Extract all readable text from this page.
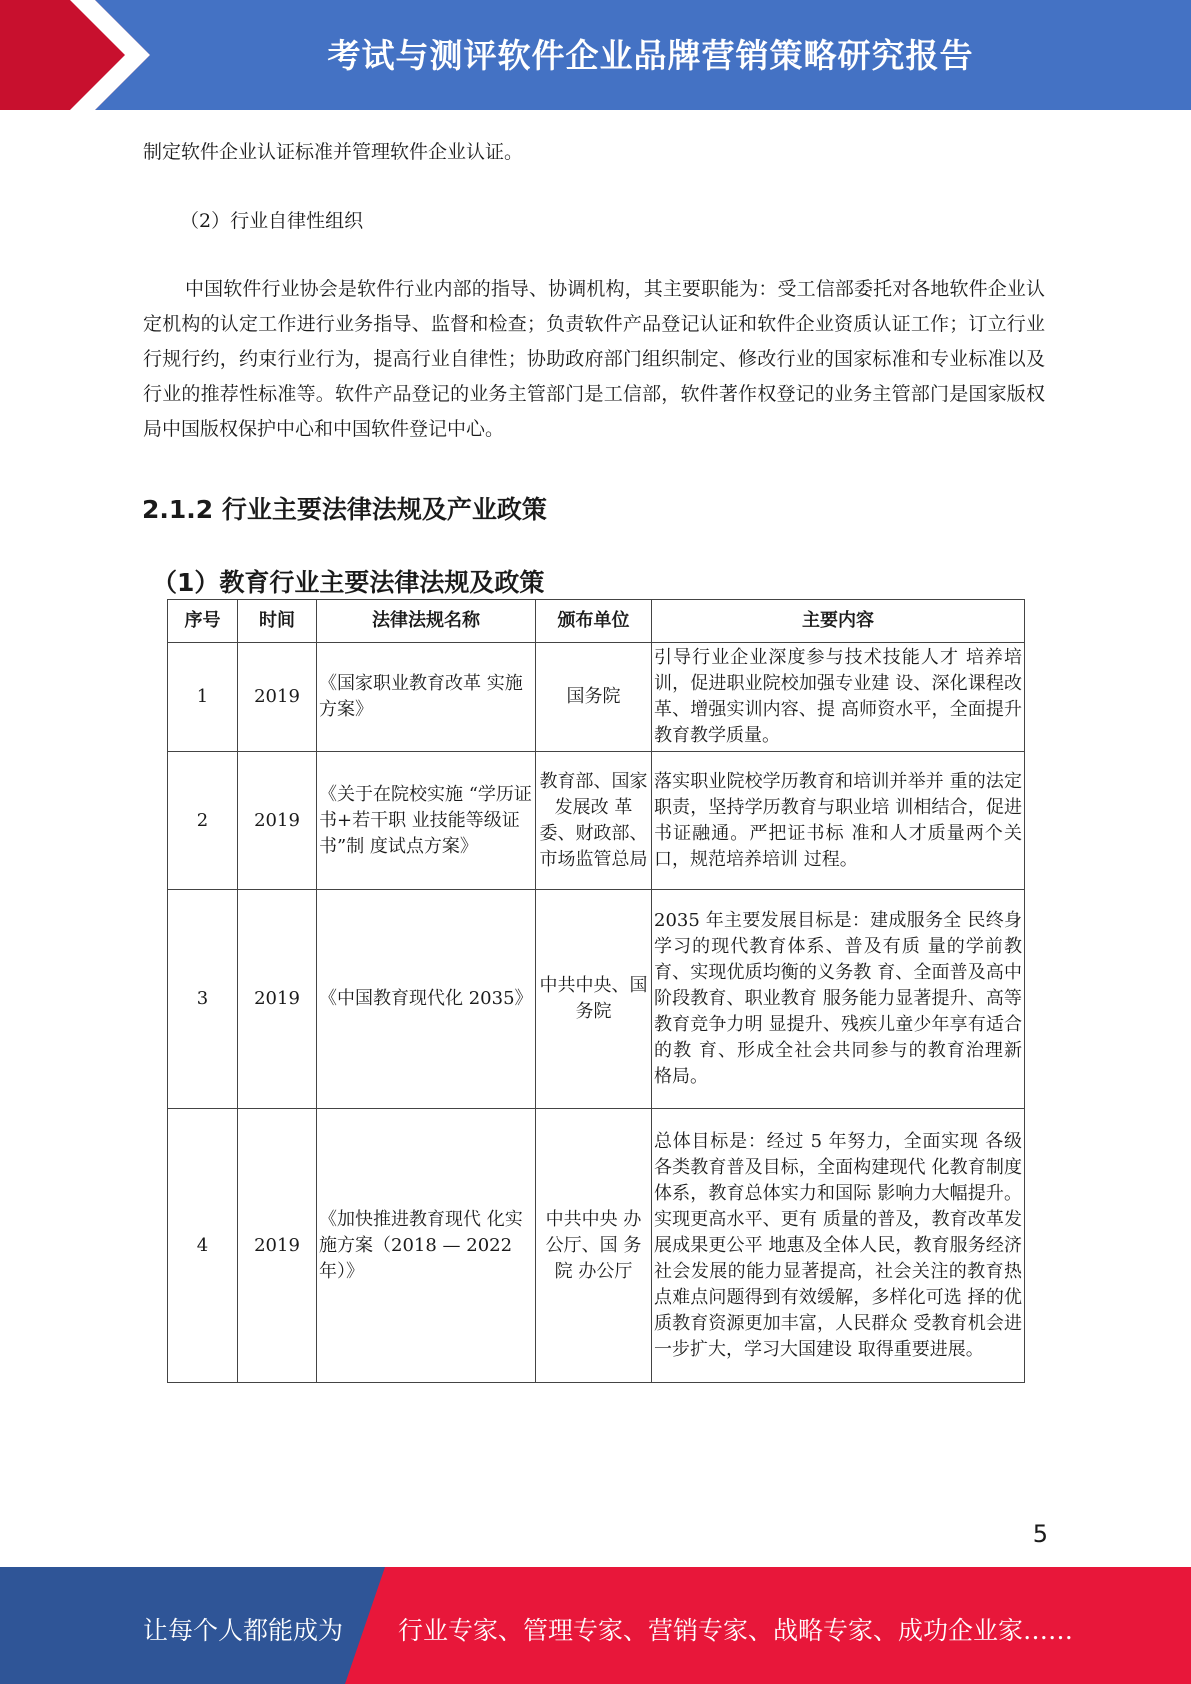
考试与测评软件企业品牌营销策略研究报告

制定软件企业认证标准并管理软件企业认证。

（2）行业自律性组织

中国软件行业协会是软件行业内部的指导、协调机构，其主要职能为：受工信部委托对各地软件企业认定机构的认定工作进行业务指导、监督和检查；负责软件产品登记认证和软件企业资质认证工作；订立行业行规行约，约束行业行为，提高行业自律性；协助政府部门组织制定、修改行业的国家标准和专业标准以及行业的推荐性标准等。软件产品登记的业务主管部门是工信部，软件著作权登记的业务主管部门是国家版权局中国版权保护中心和中国软件登记中心。

2.1.2 行业主要法律法规及产业政策
（1）教育行业主要法律法规及政策
序号	时间	法律法规名称	颁布单位	主要内容
1	2019	《国家职业教育改革 实施方案》	国务院	引导行业企业深度参与技术技能人才 培养培训，促进职业院校加强专业建 设、深化课程改革、增强实训内容、提 高师资水平，全面提升教育教学质量。
2	2019	《关于在院校实施 “学历证书+若干职 业技能等级证书”制 度试点方案》	教育部、国家发展改 革委、财政部、市场监管总局	落实职业院校学历教育和培训并举并 重的法定职责，坚持学历教育与职业培 训相结合，促进书证融通。严把证书标 准和人才质量两个关口，规范培养培训 过程。
3	2019	《中国教育现代化 2035》	中共中央、国务院	2035 年主要发展目标是：建成服务全 民终身学习的现代教育体系、普及有质 量的学前教育、实现优质均衡的义务教 育、全面普及高中阶段教育、职业教育 服务能力显著提升、高等教育竞争力明 显提升、残疾儿童少年享有适合的教 育、形成全社会共同参与的教育治理新 格局。
4	2019	《加快推进教育现代 化实施方案（2018 — 2022 年）》	中共中央 办公厅、国 务院 办公厅	总体目标是：经过 5 年努力，全面实现 各级各类教育普及目标，全面构建现代 化教育制度体系，教育总体实力和国际 影响力大幅提升。实现更高水平、更有 质量的普及，教育改革发展成果更公平 地惠及全体人民，教育服务经济社会发展的能力显著提高，社会关注的教育热 点难点问题得到有效缓解，多样化可选 择的优质教育资源更加丰富，人民群众 受教育机会进一步扩大，学习大国建设 取得重要进展。
5
让每个人都能成为 行业专家、管理专家、营销专家、战略专家、成功企业家……
